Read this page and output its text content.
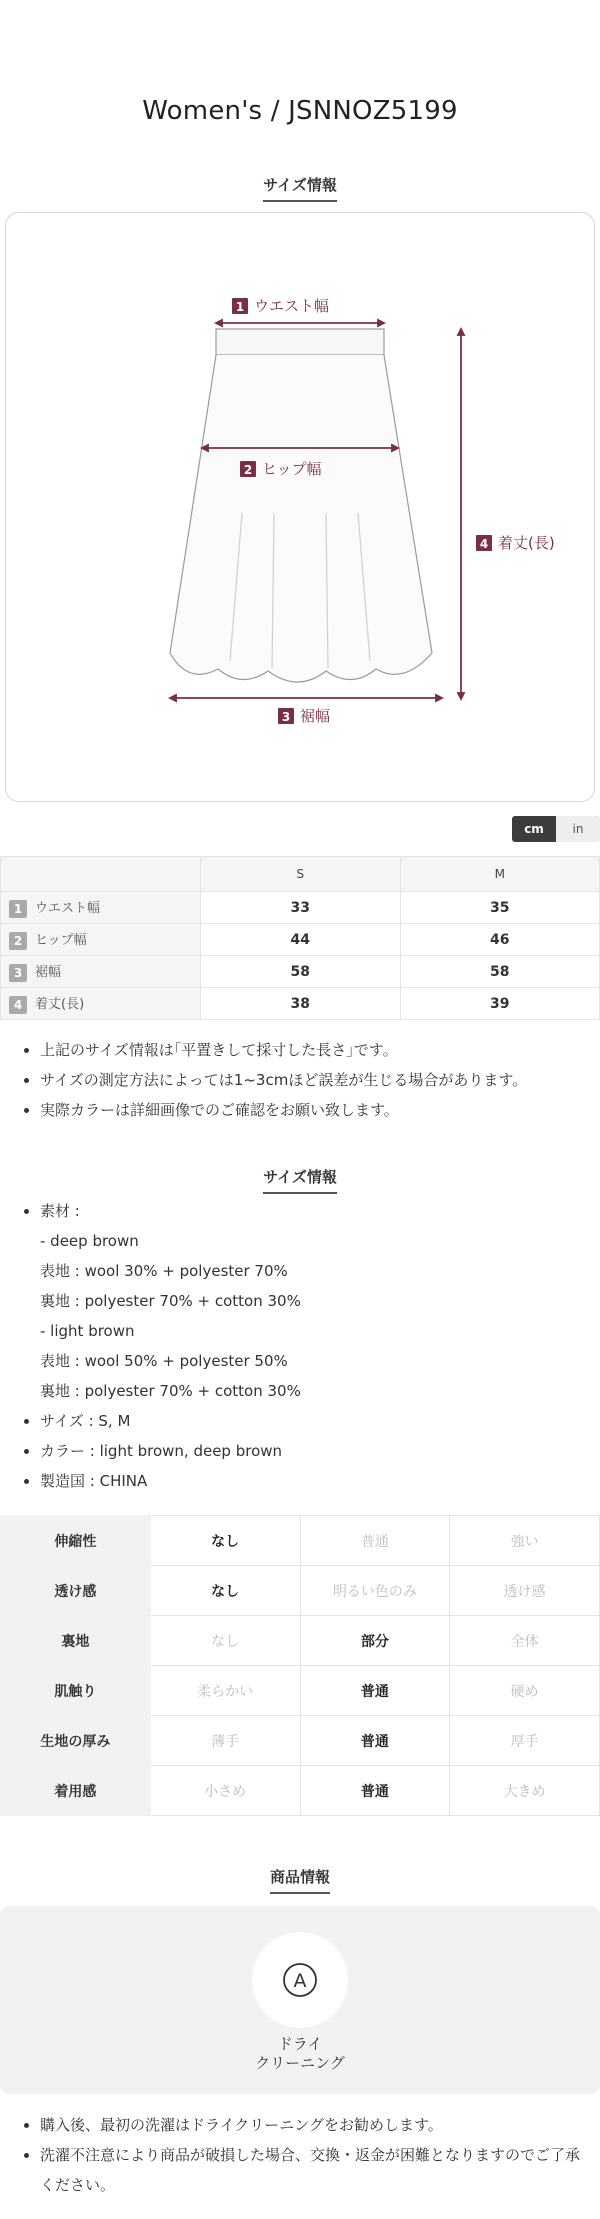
Women's / JSNNOZ5199
サイズ情報
1 ウエスト幅
2 ヒップ幅
3 裾幅
4 着丈(長)
cm	in
	S	M
1 ウエスト幅	33	35
2 ヒップ幅	44	46
3 裾幅	58	58
4 着丈(長)	38	39
• 上記のサイズ情報は｢平置きして採寸した長さ｣です。
• サイズの測定方法によっては1~3cmほど誤差が生じる場合があります。
• 実際カラーは詳細画像でのご確認をお願い致します。
サイズ情報
• 素材 :
- deep brown
表地 : wool 30% + polyester 70%
裏地 : polyester 70% + cotton 30%
- light brown
表地 : wool 50% + polyester 50%
裏地 : polyester 70% + cotton 30%
• サイズ : S, M
• カラー : light brown, deep brown
• 製造国 : CHINA
伸縮性	なし	普通	強い
透け感	なし	明るい色のみ	透け感
裏地	なし	部分	全体
肌触り	柔らかい	普通	硬め
生地の厚み	薄手	普通	厚手
着用感	小さめ	普通	大きめ
商品情報
A
ドライ
クリーニング
• 購入後、最初の洗濯はドライクリーニングをお勧めします。
• 洗濯不注意により商品が破損した場合、交換・返金が困難となりますのでご了承ください。
